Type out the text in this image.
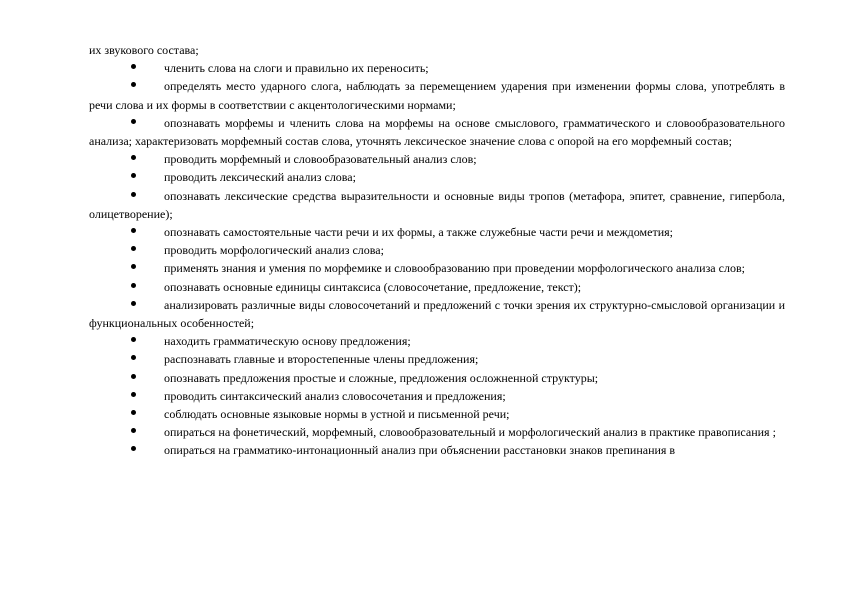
их звукового состава;
членить слова на слоги и правильно их переносить;
определять место ударного слога, наблюдать за перемещением ударения при изменении формы слова, употреблять в речи слова и их формы в соответствии с акцентологическими нормами;
опознавать морфемы и членить слова на морфемы на основе смыслового, грамматического и словообразовательного анализа; характеризовать морфемный состав слова, уточнять лексическое значение слова с опорой на его морфемный состав;
проводить морфемный и словообразовательный анализ слов;
проводить лексический анализ слова;
опознавать лексические средства выразительности и основные виды тропов (метафора, эпитет, сравнение, гипербола, олицетворение);
опознавать самостоятельные части речи и их формы, а также служебные части речи и междометия;
проводить морфологический анализ слова;
применять знания и умения по морфемике и словообразованию при проведении морфологического анализа слов;
опознавать основные единицы синтаксиса (словосочетание, предложение, текст);
анализировать различные виды словосочетаний и предложений с точки зрения их структурно-смысловой организации и функциональных особенностей;
находить грамматическую основу предложения;
распознавать главные и второстепенные члены предложения;
опознавать предложения простые и сложные, предложения осложненной структуры;
проводить синтаксический анализ словосочетания и предложения;
соблюдать основные языковые нормы в устной и письменной речи;
опираться на фонетический, морфемный, словообразовательный и морфологический анализ в практике правописания ;
опираться на грамматико-интонационный анализ при объяснении расстановки знаков препинания в
